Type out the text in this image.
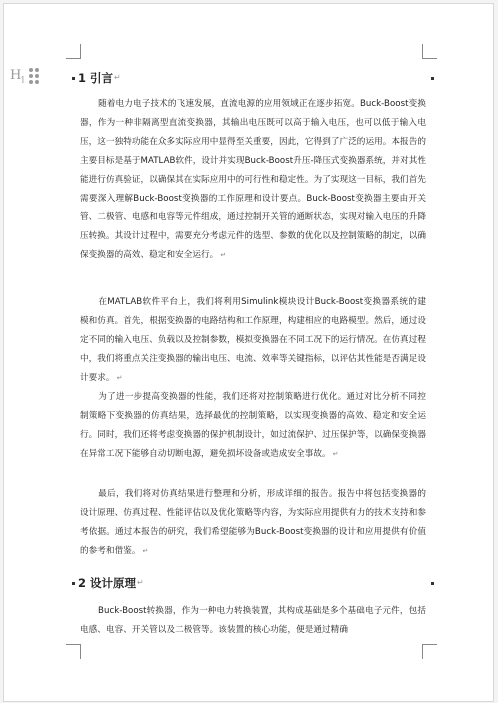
$H_1$	1 引言 ↵

随着电力电子技术的飞速发展，直流电源的应用领域正在逐步拓宽。Buck-Boost变换器，作为一种非隔离型直流变换器，其输出电压既可以高于输入电压，也可以低于输入电压，这一独特功能在众多实际应用中显得至关重要，因此，它得到了广泛的运用。本报告的主要目标是基于MATLAB软件，设计并实现Buck-Boost升压-降压式变换器系统，并对其性能进行仿真验证，以确保其在实际应用中的可行性和稳定性。为了实现这一目标，我们首先需要深入理解Buck-Boost变换器的工作原理和设计要点。Buck-Boost变换器主要由开关管、二极管、电感和电容等元件组成，通过控制开关管的通断状态，实现对输入电压的升降压转换。其设计过程中，需要充分考虑元件的选型、参数的优化以及控制策略的制定，以确保变换器的高效、稳定和安全运行。 ↵

在MATLAB软件平台上，我们将利用Simulink模块设计Buck-Boost变换器系统的建模和仿真。首先，根据变换器的电路结构和工作原理，构建相应的电路模型。然后，通过设定不同的输入电压、负载以及控制参数，模拟变换器在不同工况下的运行情况。在仿真过程中，我们将重点关注变换器的输出电压、电流、效率等关键指标，以评估其性能是否满足设计要求。 ↵

为了进一步提高变换器的性能，我们还将对控制策略进行优化。通过对比分析不同控制策略下变换器的仿真结果，选择最优的控制策略，以实现变换器的高效、稳定和安全运行。同时，我们还将考虑变换器的保护机制设计，如过流保护、过压保护等，以确保变换器在异常工况下能够自动切断电源，避免损坏设备或造成安全事故。 ↵

最后，我们将对仿真结果进行整理和分析，形成详细的报告。报告中将包括变换器的设计原理、仿真过程、性能评估以及优化策略等内容，为实际应用提供有力的技术支持和参考依据。通过本报告的研究，我们希望能够为Buck-Boost变换器的设计和应用提供有价值的参考和借鉴。 ↵

2 设计原理 ↵

Buck-Boost转换器，作为一种电力转换装置，其构成基础是多个基础电子元件，包括电感、电容、开关管以及二极管等。该装置的核心功能，便是通过精确
